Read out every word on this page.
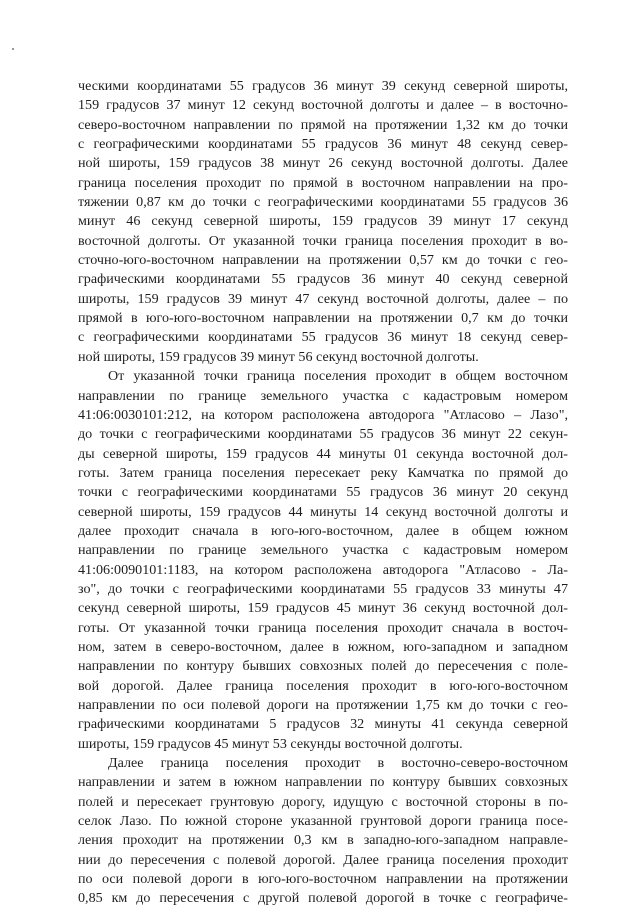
ческими координатами 55 градусов 36 минут 39 секунд северной широты,
159 градусов 37 минут 12 секунд восточной долготы и далее – в восточно-
северо-восточном направлении по прямой на протяжении 1,32 км до точки
с географическими координатами 55 градусов 36 минут 48 секунд север-
ной широты, 159 градусов 38 минут 26 секунд восточной долготы. Далее
граница поселения проходит по прямой в восточном направлении на про-
тяжении 0,87 км до точки с географическими координатами 55 градусов 36
минут 46 секунд северной широты, 159 градусов 39 минут 17 секунд
восточной долготы. От указанной точки граница поселения проходит в во-
сточно-юго-восточном направлении на протяжении 0,57 км до точки с гео-
графическими координатами 55 градусов 36 минут 40 секунд северной
широты, 159 градусов 39 минут 47 секунд восточной долготы, далее – по
прямой в юго-юго-восточном направлении на протяжении 0,7 км до точки
с географическими координатами 55 градусов 36 минут 18 секунд север-
ной широты, 159 градусов 39 минут 56 секунд восточной долготы.
От указанной точки граница поселения проходит в общем восточном
направлении по границе земельного участка с кадастровым номером
41:06:0030101:212, на котором расположена автодорога "Атласово – Лазо",
до точки с географическими координатами 55 градусов 36 минут 22 секун-
ды северной широты, 159 градусов 44 минуты 01 секунда восточной дол-
готы. Затем граница поселения пересекает реку Камчатка по прямой до
точки с географическими координатами 55 градусов 36 минут 20 секунд
северной широты, 159 градусов 44 минуты 14 секунд восточной долготы и
далее проходит сначала в юго-юго-восточном, далее в общем южном
направлении по границе земельного участка с кадастровым номером
41:06:0090101:1183, на котором расположена автодорога "Атласово - Ла-
зо", до точки с географическими координатами 55 градусов 33 минуты 47
секунд северной широты, 159 градусов 45 минут 36 секунд восточной дол-
готы. От указанной точки граница поселения проходит сначала в восточ-
ном, затем в северо-восточном, далее в южном, юго-западном и западном
направлении по контуру бывших совхозных полей до пересечения с поле-
вой дорогой. Далее граница поселения проходит в юго-юго-восточном
направлении по оси полевой дороги на протяжении 1,75 км до точки с гео-
графическими координатами 5 градусов 32 минуты 41 секунда северной
широты, 159 градусов 45 минут 53 секунды восточной долготы.
Далее граница поселения проходит в восточно-северо-восточном
направлении и затем в южном направлении по контуру бывших совхозных
полей и пересекает грунтовую дорогу, идущую с восточной стороны в по-
селок Лазо. По южной стороне указанной грунтовой дороги граница посе-
ления проходит на протяжении 0,3 км в западно-юго-западном направле-
нии до пересечения с полевой дорогой. Далее граница поселения проходит
по оси полевой дороги в юго-юго-восточном направлении на протяжении
0,85 км до пересечения с другой полевой дорогой в точке с географиче-
